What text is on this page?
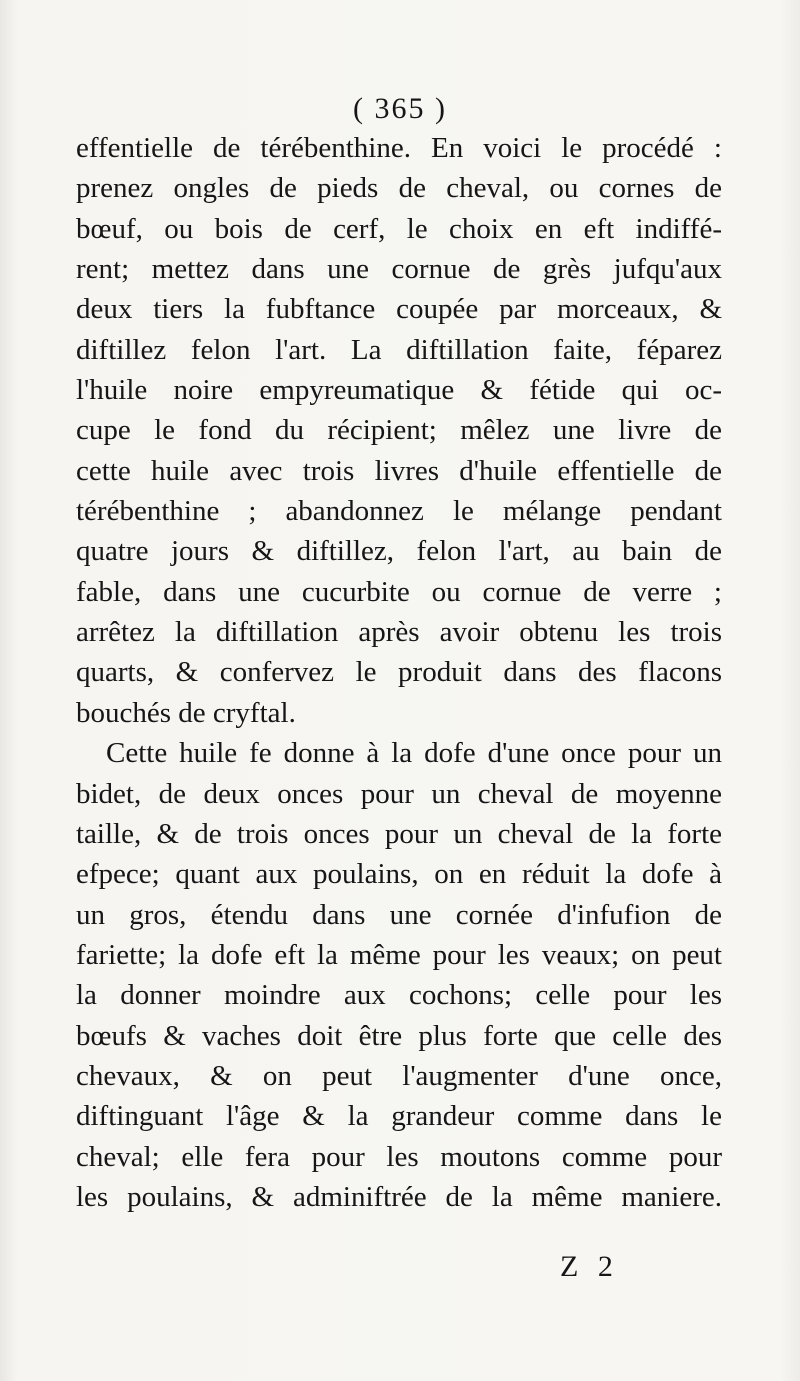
( 365 )
effentielle de térébenthine. En voici le procédé :
prenez ongles de pieds de cheval, ou cornes de
bœuf, ou bois de cerf, le choix en eft indiffé-
rent; mettez dans une cornue de grès jufqu'aux
deux tiers la fubftance coupée par morceaux, &
diftillez felon l'art. La diftillation faite, féparez
l'huile noire empyreumatique & fétide qui oc-
cupe le fond du récipient; mêlez une livre de
cette huile avec trois livres d'huile effentielle de
térébenthine ; abandonnez le mélange pendant
quatre jours & diftillez, felon l'art, au bain de
fable, dans une cucurbite ou cornue de verre ;
arrêtez la diftillation après avoir obtenu les trois
quarts, & confervez le produit dans des flacons
bouchés de cryftal.
Cette huile fe donne à la dofe d'une once pour un
bidet, de deux onces pour un cheval de moyenne
taille, & de trois onces pour un cheval de la forte
efpece; quant aux poulains, on en réduit la dofe à
un gros, étendu dans une cornée d'infufion de
fariette; la dofe eft la même pour les veaux; on peut
la donner moindre aux cochons; celle pour les
bœufs & vaches doit être plus forte que celle des
chevaux, & on peut l'augmenter d'une once,
diftinguant l'âge & la grandeur comme dans le
cheval; elle fera pour les moutons comme pour
les poulains, & adminiftrée de la même maniere.
Z 2
